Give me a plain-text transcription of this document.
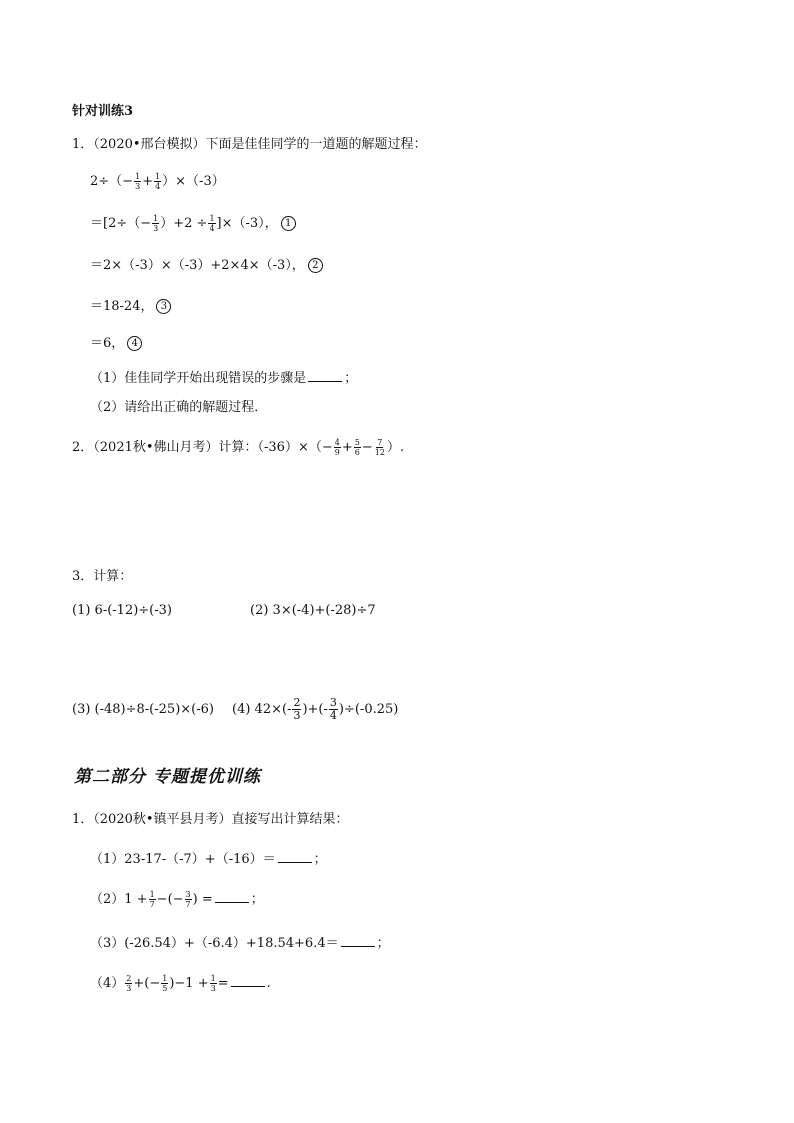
针对训练3
1．（2020•邢台模拟）下面是佳佳同学的一道题的解题过程：
$2\div(- \frac{1}{3} + \frac{1}{4} )\times(-3)$
$=[2\div(- \frac{1}{3} )+2 \div \frac{1}{4} ]\times(-3)$， 1
＝2×（-3）×（-3）+2×4×（-3）， 2
＝18-24， 3
＝6， 4
（1）佳佳同学开始出现错误的步骤是	；
（2）请给出正确的解题过程．
2．（2021秋•佛山月考）计算：$(-36)\times(- \frac{4}{9} + \frac{5}{6} - \frac{7}{12}$ ）.
3．计算：
(1) 6-(-12)÷(-3)	(2) 3×(-4)+(-28)÷7
(3) (-48)÷8-(-25)×(-6) (4) $42\times(- \frac{2}{3}$ )+(- $\frac{3}{4} )\div(-0.25)$
第二部分 专题提优训练
1．（2020秋•镇平县月考）直接写出计算结果：
（1）23-17-（-7）+（-16）＝	；
$(2)1 + \frac{1}{7}$ −(− $\frac{3}{7}$ ) =	；
（3）(-26.54）+（-6.4）+18.54+6.4＝	；
$(4) \frac{2}{3}$ +(− $\frac{1}{5} )-1 + \frac{1}{3}$ =	.
